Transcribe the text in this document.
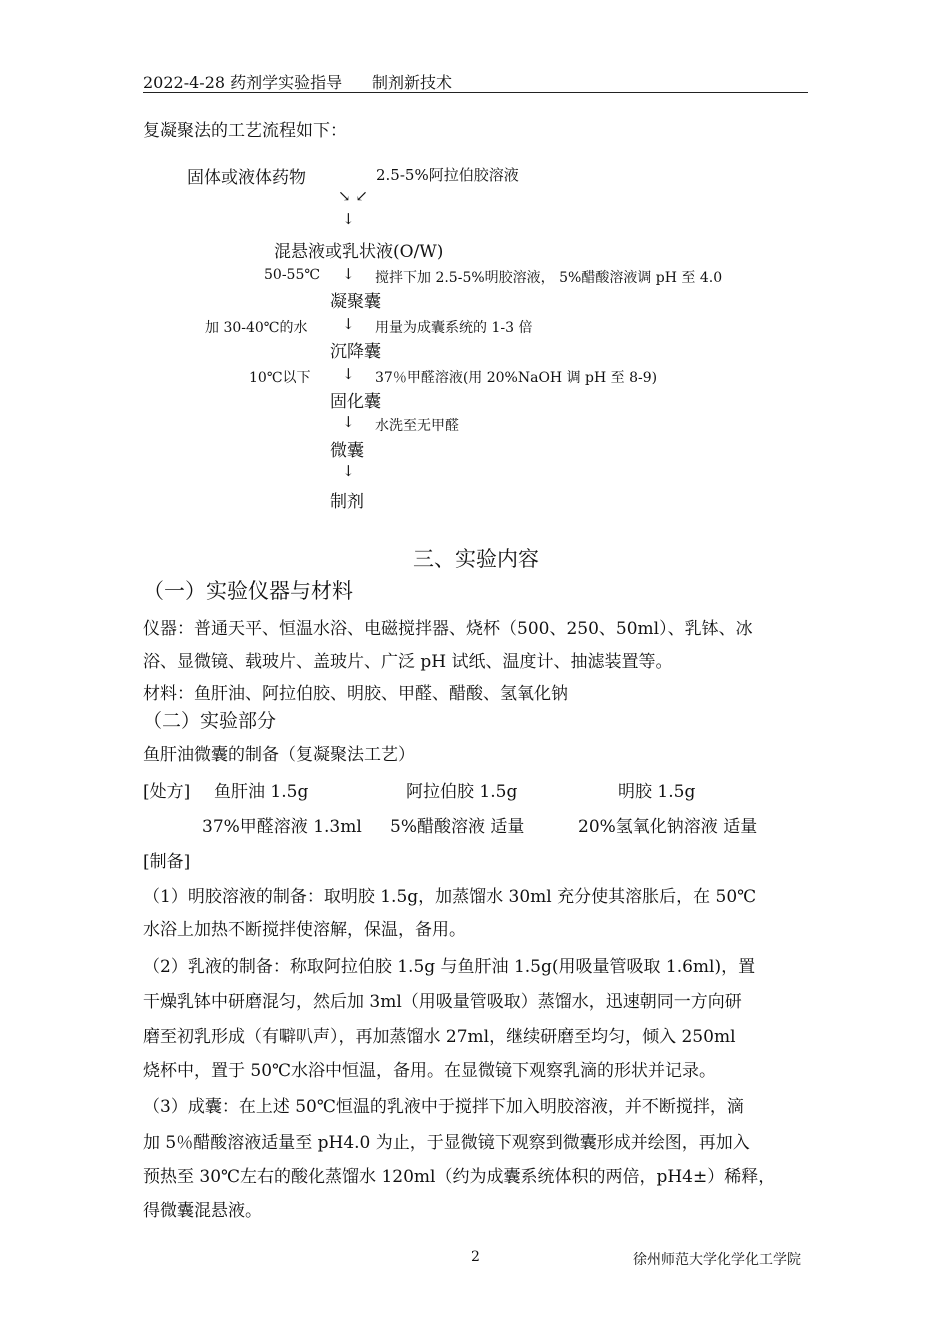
2022-4-28 药剂学实验指导 制剂新技术
复凝聚法的工艺流程如下：
固体或液体药物	2.5-5%阿拉伯胶溶液
↘ ↙
↓
混悬液或乳状液(O/W)
50-55℃ ↓ 搅拌下加 2.5-5%明胶溶液， 5%醋酸溶液调 pH 至 4.0
凝聚囊
加 30-40℃的水 ↓ 用量为成囊系统的 1-3 倍
沉降囊
10℃以下 ↓ 37％甲醛溶液(用 20%NaOH 调 pH 至 8-9)
固化囊
↓ 水洗至无甲醛
微囊
↓
制剂
三、实验内容
（一）实验仪器与材料
仪器：普通天平、恒温水浴、电磁搅拌器、烧杯（500、250、50ml）、乳钵、冰
浴、显微镜、载玻片、盖玻片、广泛 pH 试纸、温度计、抽滤装置等。
材料：鱼肝油、阿拉伯胶、明胶、甲醛、醋酸、氢氧化钠
（二）实验部分
鱼肝油微囊的制备（复凝聚法工艺）
[处方] 鱼肝油 1.5g	阿拉伯胶 1.5g	明胶 1.5g
37%甲醛溶液 1.3ml 5%醋酸溶液 适量	20%氢氧化钠溶液 适量
[制备]
（1）明胶溶液的制备：取明胶 1.5g，加蒸馏水 30ml 充分使其溶胀后，在 50℃
水浴上加热不断搅拌使溶解，保温，备用。
（2）乳液的制备：称取阿拉伯胶 1.5g 与鱼肝油 1.5g(用吸量管吸取 1.6ml)，置
干燥乳钵中研磨混匀，然后加 3ml（用吸量管吸取）蒸馏水，迅速朝同一方向研
磨至初乳形成（有噼叭声），再加蒸馏水 27ml，继续研磨至均匀，倾入 250ml
烧杯中，置于 50℃水浴中恒温，备用。在显微镜下观察乳滴的形状并记录。
（3）成囊：在上述 50℃恒温的乳液中于搅拌下加入明胶溶液，并不断搅拌，滴
加 5％醋酸溶液适量至 pH4.0 为止，于显微镜下观察到微囊形成并绘图，再加入
预热至 30℃左右的酸化蒸馏水 120ml（约为成囊系统体积的两倍，pH4±）稀释，
得微囊混悬液。
2	徐州师范大学化学化工学院
